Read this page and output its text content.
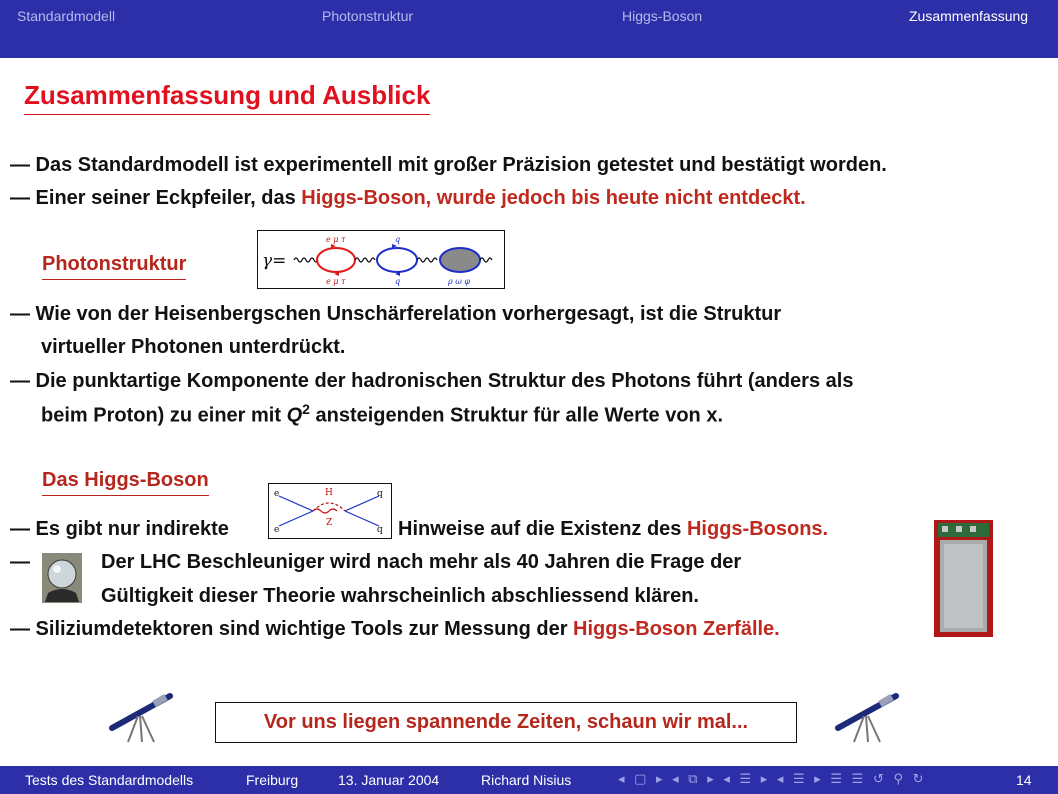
Standardmodell	Photonstruktur	Higgs-Boson	Zusammenfassung
Zusammenfassung und Ausblick
— Das Standardmodell ist experimentell mit großer Präzision getestet und bestätigt worden.
— Einer seiner Eckpfeiler, das Higgs-Boson, wurde jedoch bis heute nicht entdeckt.
Photonstruktur	γ=
e μ τ
e μ τ
q
q	ρ ω φ
— Wie von der Heisenbergschen Unschärferelation vorhergesagt, ist die Struktur
virtueller Photonen unterdrückt.
— Die punktartige Komponente der hadronischen Struktur des Photons führt (anders als
beim Proton) zu einer mit $Q^2$ ansteigenden Struktur für alle Werte von x.
Das Higgs-Boson
e
e
q
q
H
Z
— Es gibt nur indirekte	Hinweise auf die Existenz des Higgs-Bosons.
—	Der LHC Beschleuniger wird nach mehr als 40 Jahren die Frage der
Gültigkeit dieser Theorie wahrscheinlich abschliessend klären.
— Siliziumdetektoren sind wichtige Tools zur Messung der Higgs-Boson Zerfälle.
Vor uns liegen spannende Zeiten, schaun wir mal...
Tests des Standardmodells	Freiburg	13. Januar 2004	Richard Nisius	◂ ▢ ▸ ◂ ⧉ ▸ ◂ ☰ ▸ ◂ ☰ ▸ ☰ ☰ ↺ ⚲ ↻	14
